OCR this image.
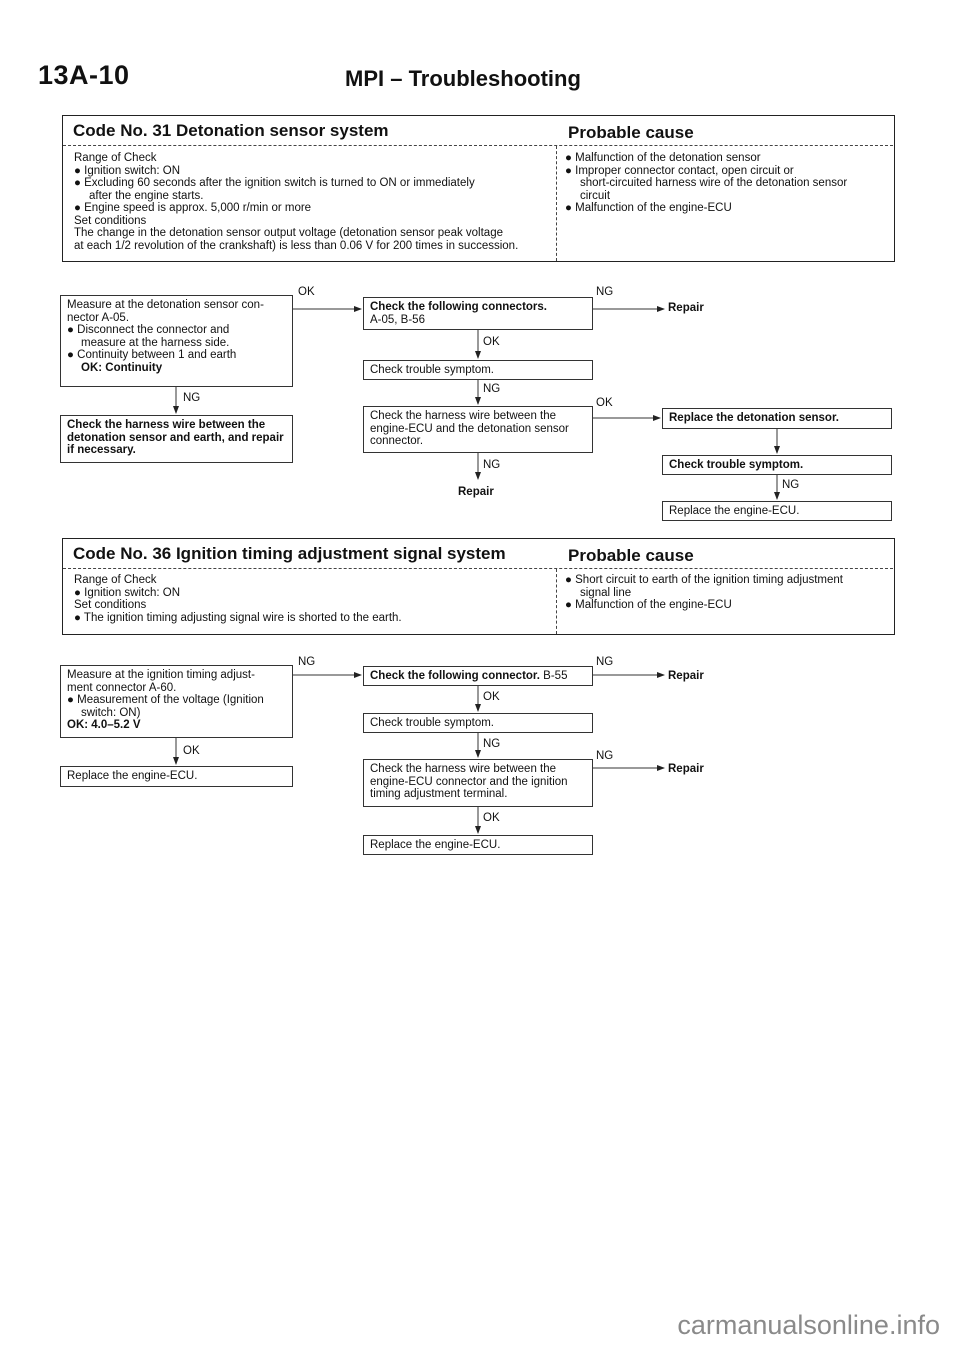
13A-10	MPI – Troubleshooting
Code No. 31 Detonation sensor system	Probable cause
Range of Check
● Ignition switch: ON
● Excluding 60 seconds after the ignition switch is turned to ON or immediately
after the engine starts.
● Engine speed is approx. 5,000 r/min or more
Set conditions
The change in the detonation sensor output voltage (detonation sensor peak voltage
at each 1/2 revolution of the crankshaft) is less than 0.06 V for 200 times in succession.
● Malfunction of the detonation sensor
● Improper connector contact, open circuit or
short-circuited harness wire of the detonation sensor
circuit
● Malfunction of the engine-ECU
Measure at the detonation sensor con-
nector A-05.
● Disconnect the connector and
measure at the harness side.
● Continuity between 1 and earth
OK: Continuity
Check the following connectors.
A-05, B-56
Check trouble symptom.
Check the harness wire between the
engine-ECU and the detonation sensor
connector.
Check the harness wire between the
detonation sensor and earth, and repair
if necessary.
Replace the detonation sensor.
Check trouble symptom.
Replace the engine-ECU.
OK	NG
Repair
OK
NG
NG	OK
NG
Repair
NG
Code No. 36 Ignition timing adjustment signal system	Probable cause
Range of Check
● Ignition switch: ON
Set conditions
● The ignition timing adjusting signal wire is shorted to the earth.
● Short circuit to earth of the ignition timing adjustment
signal line
● Malfunction of the engine-ECU
Measure at the ignition timing adjust-
ment connector A-60.
● Measurement of the voltage (Ignition
switch: ON)
OK: 4.0–5.2 V
Replace the engine-ECU.
Check the following connector. B-55
Check trouble symptom.
Check the harness wire between the
engine-ECU connector and the ignition
timing adjustment terminal.
Replace the engine-ECU.
NG	NG
Repair
OK
NG
OK	NG
Repair
OK
carmanualsonline.info
